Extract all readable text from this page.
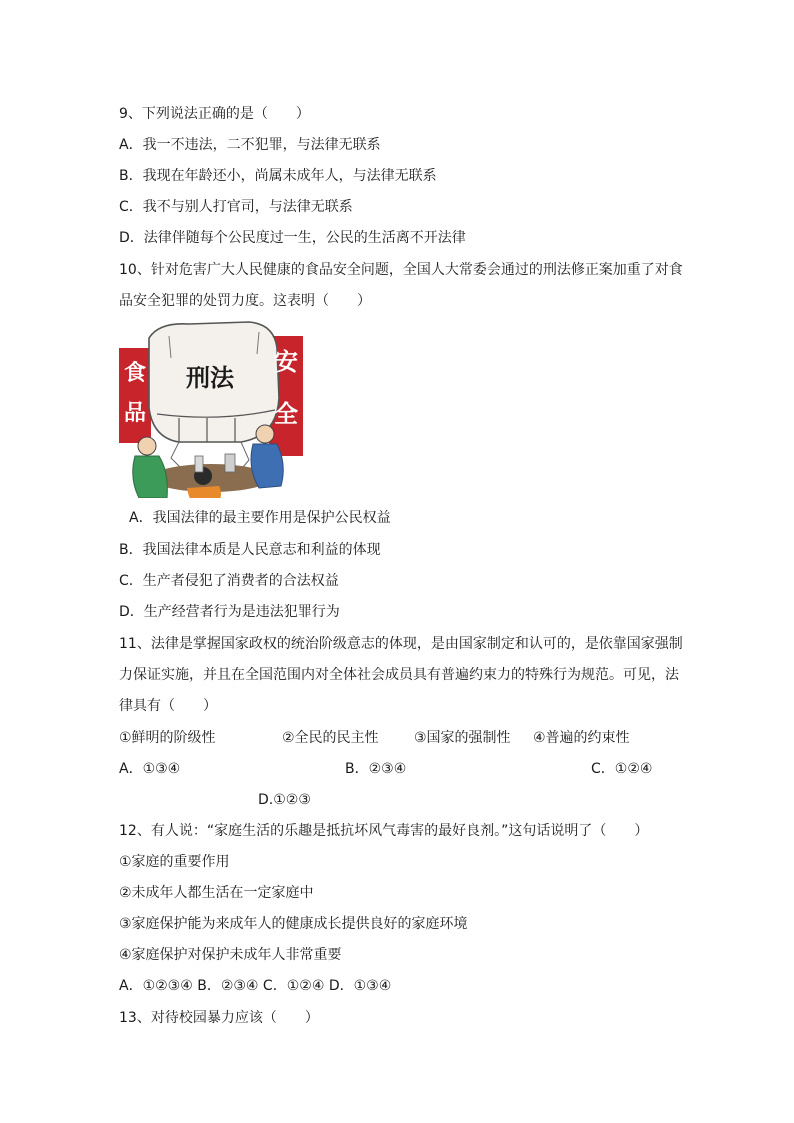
9、下列说法正确的是（　　）
A．我一不违法，二不犯罪，与法律无联系
B．我现在年龄还小，尚属未成年人，与法律无联系
C．我不与别人打官司，与法律无联系
D．法律伴随每个公民度过一生，公民的生活离不开法律
10、针对危害广大人民健康的食品安全问题，全国人大常委会通过的刑法修正案加重了对食
品安全犯罪的处罚力度。这表明（　　）
刑法
食
品
安
全
A．我国法律的最主要作用是保护公民权益
B．我国法律本质是人民意志和利益的体现
C．生产者侵犯了消费者的合法权益
D．生产经营者行为是违法犯罪行为
11、法律是掌握国家政权的统治阶级意志的体现，是由国家制定和认可的，是依靠国家强制
力保证实施，并且在全国范围内对全体社会成员具有普遍约束力的特殊行为规范。可见，法
律具有（　　）
①鲜明的阶级性	②全民的民主性	③国家的强制性 ④普遍的约束性
A．①③④	B．②③④	C．①②④
D.①②③
12、有人说：“家庭生活的乐趣是抵抗坏风气毒害的最好良剂。”这句话说明了（　　）
①家庭的重要作用
②未成年人都生活在一定家庭中
③家庭保护能为来成年人的健康成长提供良好的家庭环境
④家庭保护对保护未成年人非常重要
A．①②③④ B．②③④ C．①②④ D．①③④
13、对待校园暴力应该（　　）
